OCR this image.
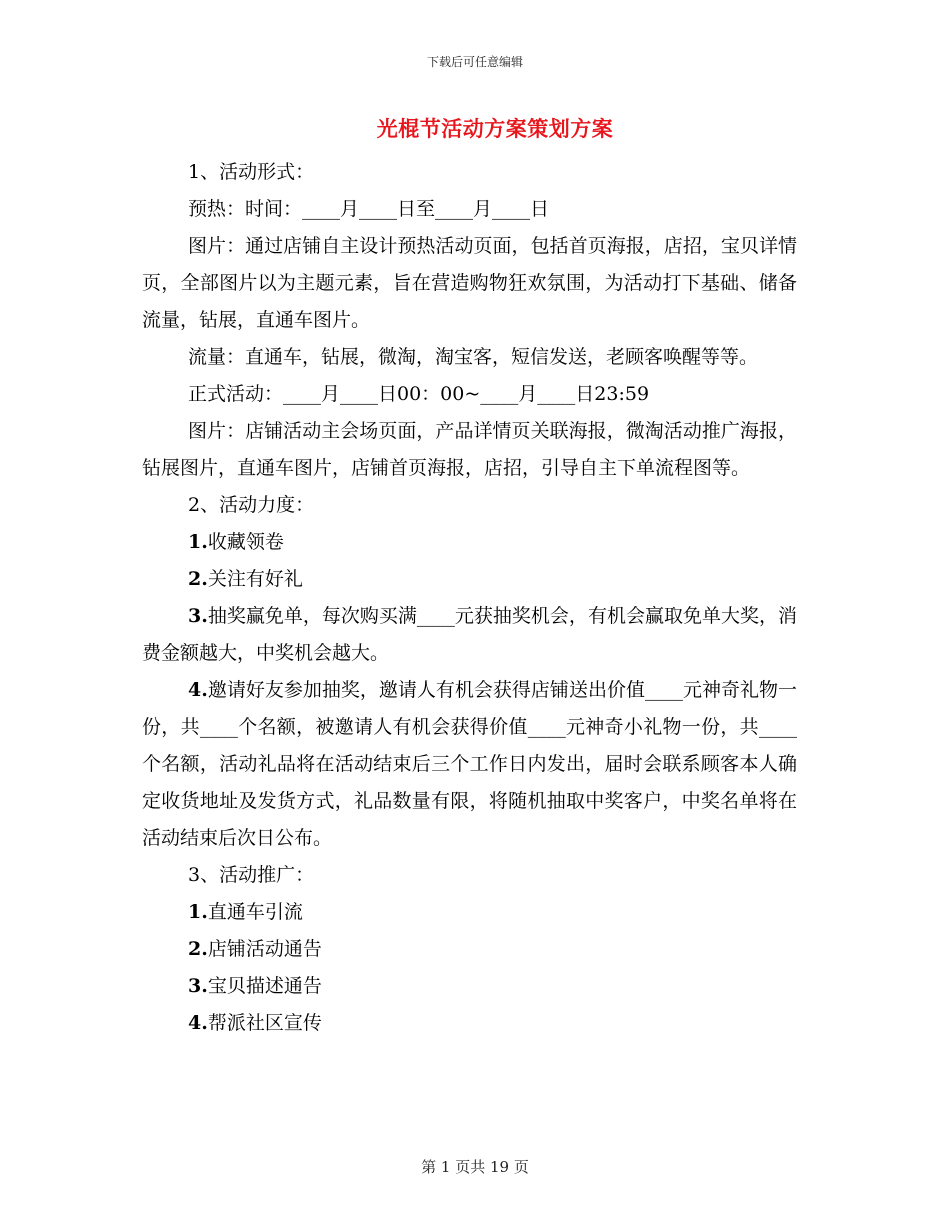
下载后可任意编辑
光棍节活动方案策划方案

1、活动形式：

预热：时间：____月____日至____月____日

图片：通过店铺自主设计预热活动页面，包括首页海报，店招，宝贝详情页，全部图片以为主题元素，旨在营造购物狂欢氛围，为活动打下基础、储备流量，钻展，直通车图片。

流量：直通车，钻展，微淘，淘宝客，短信发送，老顾客唤醒等等。

正式活动：____月____日00：00~____月____日23:59

图片：店铺活动主会场页面，产品详情页关联海报，微淘活动推广海报，钻展图片，直通车图片，店铺首页海报，店招，引导自主下单流程图等。

2、活动力度：

1.收藏领卷

2.关注有好礼

3.抽奖赢免单，每次购买满____元获抽奖机会，有机会赢取免单大奖，消费金额越大，中奖机会越大。

4.邀请好友参加抽奖，邀请人有机会获得店铺送出价值____元神奇礼物一份，共____个名额，被邀请人有机会获得价值____元神奇小礼物一份，共____个名额，活动礼品将在活动结束后三个工作日内发出，届时会联系顾客本人确定收货地址及发货方式，礼品数量有限，将随机抽取中奖客户，中奖名单将在活动结束后次日公布。

3、活动推广：

1.直通车引流

2.店铺活动通告

3.宝贝描述通告

4.帮派社区宣传

第 1 页共 19 页
